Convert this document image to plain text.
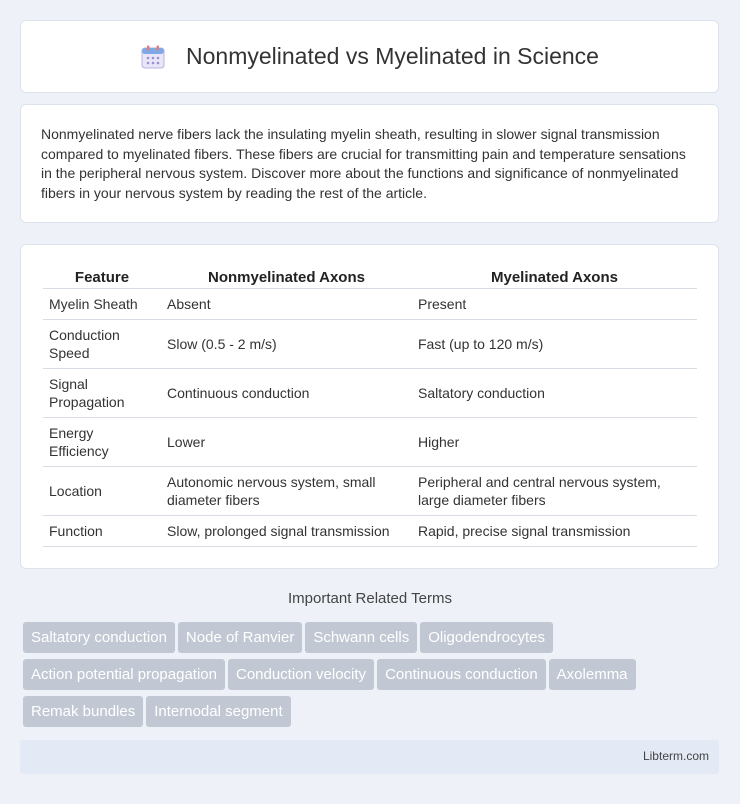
Nonmyelinated vs Myelinated in Science

Nonmyelinated nerve fibers lack the insulating myelin sheath, resulting in slower signal transmission compared to myelinated fibers. These fibers are crucial for transmitting pain and temperature sensations in the peripheral nervous system. Discover more about the functions and significance of nonmyelinated fibers in your nervous system by reading the rest of the article.

Feature	Nonmyelinated Axons	Myelinated Axons
Myelin Sheath	Absent	Present
Conduction Speed	Slow (0.5 - 2 m/s)	Fast (up to 120 m/s)
Signal Propagation	Continuous conduction	Saltatory conduction
Energy Efficiency	Lower	Higher
Location	Autonomic nervous system, small diameter fibers	Peripheral and central nervous system, large diameter fibers
Function	Slow, prolonged signal transmission	Rapid, precise signal transmission
Important Related Terms
Saltatory conduction Node of Ranvier Schwann cells Oligodendrocytes
Action potential propagation Conduction velocity Continuous conduction Axolemma
Remak bundles Internodal segment
Libterm.com
